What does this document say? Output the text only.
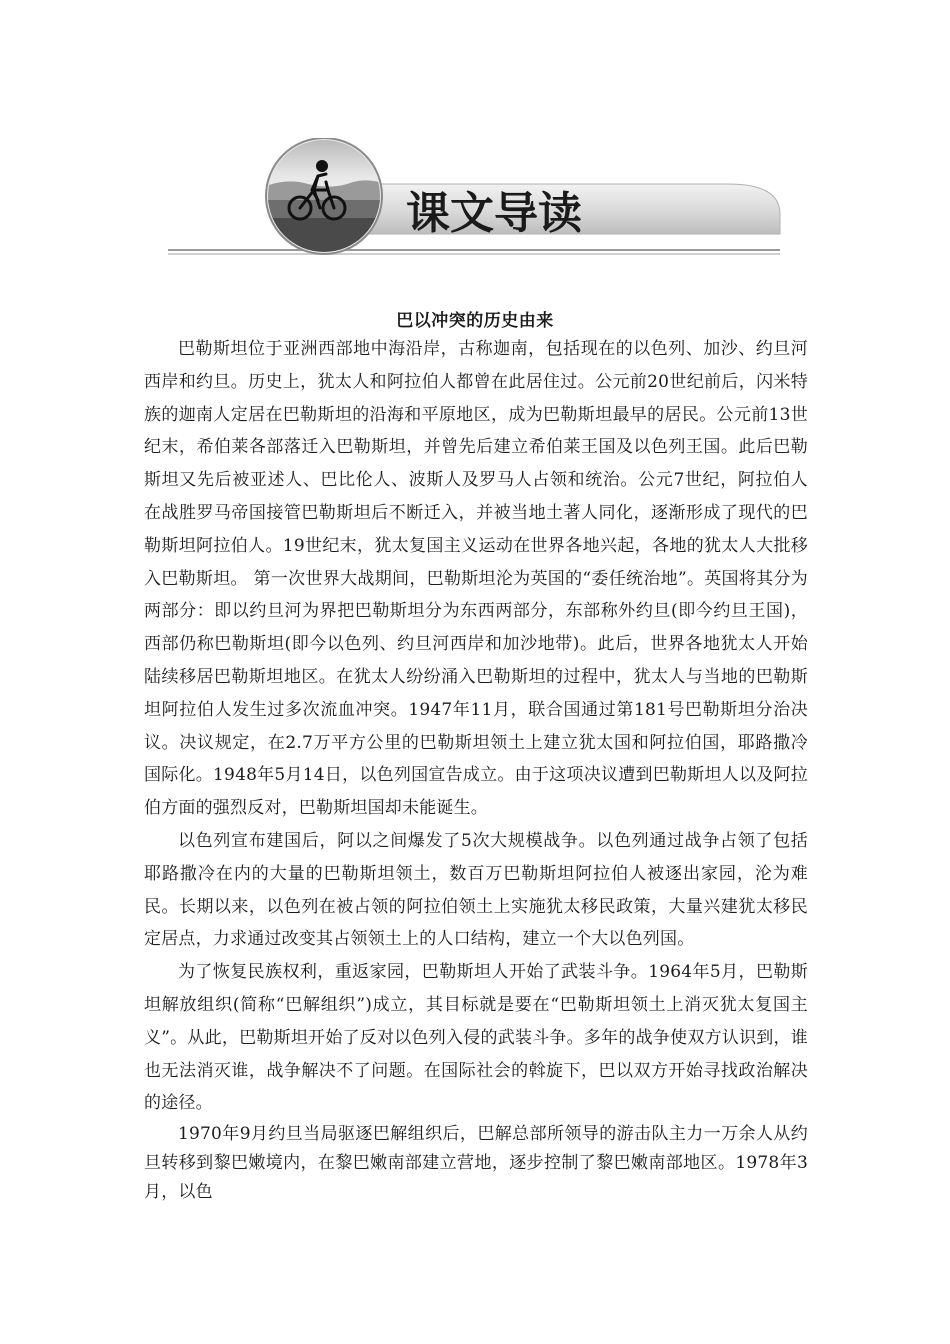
课文导读
巴以冲突的历史由来

巴勒斯坦位于亚洲西部地中海沿岸，古称迦南，包括现在的以色列、加沙、约旦河西岸和约旦。历史上，犹太人和阿拉伯人都曾在此居住过。公元前20世纪前后，闪米特族的迦南人定居在巴勒斯坦的沿海和平原地区，成为巴勒斯坦最早的居民。公元前13世纪末，希伯莱各部落迁入巴勒斯坦，并曾先后建立希伯莱王国及以色列王国。此后巴勒斯坦又先后被亚述人、巴比伦人、波斯人及罗马人占领和统治。公元7世纪，阿拉伯人在战胜罗马帝国接管巴勒斯坦后不断迁入，并被当地土著人同化，逐渐形成了现代的巴勒斯坦阿拉伯人。19世纪末，犹太复国主义运动在世界各地兴起，各地的犹太人大批移入巴勒斯坦。 第一次世界大战期间，巴勒斯坦沦为英国的“委任统治地”。英国将其分为两部分：即以约旦河为界把巴勒斯坦分为东西两部分，东部称外约旦(即今约旦王国)，西部仍称巴勒斯坦(即今以色列、约旦河西岸和加沙地带)。此后，世界各地犹太人开始陆续移居巴勒斯坦地区。在犹太人纷纷涌入巴勒斯坦的过程中，犹太人与当地的巴勒斯坦阿拉伯人发生过多次流血冲突。1947年11月，联合国通过第181号巴勒斯坦分治决议。决议规定，在2.7万平方公里的巴勒斯坦领土上建立犹太国和阿拉伯国，耶路撒冷国际化。1948年5月14日，以色列国宣告成立。由于这项决议遭到巴勒斯坦人以及阿拉伯方面的强烈反对，巴勒斯坦国却未能诞生。

以色列宣布建国后，阿以之间爆发了5次大规模战争。以色列通过战争占领了包括耶路撒冷在内的大量的巴勒斯坦领土，数百万巴勒斯坦阿拉伯人被逐出家园，沦为难民。长期以来，以色列在被占领的阿拉伯领土上实施犹太移民政策，大量兴建犹太移民定居点，力求通过改变其占领领土上的人口结构，建立一个大以色列国。

为了恢复民族权利，重返家园，巴勒斯坦人开始了武装斗争。1964年5月，巴勒斯坦解放组织(简称“巴解组织”)成立，其目标就是要在“巴勒斯坦领土上消灭犹太复国主义”。从此，巴勒斯坦开始了反对以色列入侵的武装斗争。多年的战争使双方认识到，谁也无法消灭谁，战争解决不了问题。在国际社会的斡旋下，巴以双方开始寻找政治解决的途径。

1970年9月约旦当局驱逐巴解组织后，巴解总部所领导的游击队主力一万余人从约旦转移到黎巴嫩境内，在黎巴嫩南部建立营地，逐步控制了黎巴嫩南部地区。1978年3月，以色
